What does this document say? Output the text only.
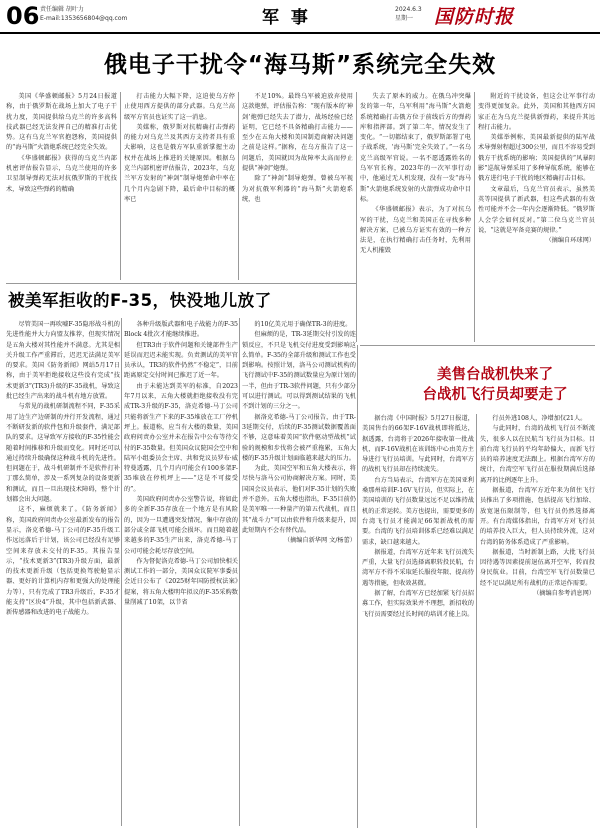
06 责任编辑 胡叶力
E-mail:1353656804@qq.com	军 事	2024.6.3
星期一	国防时报
俄电子干扰令“海马斯”系统完全失效

美国《华盛顿邮报》5月24日报道称，由于俄罗斯在战场上加大了电子干扰力度，美国提供给乌克兰的许多高科技武器已经无法发挥自己的精准打击优势。这有乌克兰军官抱怨称，美国提供的“海马斯”火箭炮系统已经完全失效。

《华盛顿邮报》获得的乌克兰内部机密评估报告显示，乌克兰使用的许多卫星制导弹药无法对抗俄罗斯的干扰技术，导致这些弹药的精确

打击能力大幅下降，这迫使乌方停止使用西方提供的部分武器。乌克兰高级军方官员也证实了这一消息。

美媒称，俄罗斯对抗精确打击弹药的能力对乌克兰及其西方支持者具有重大影响，这也是俄方军队重新掌握主动权并在战场上推进的关键原因。根据乌克兰内部机密评估报告，2023年，乌克兰军方发射的“神剑”制导炮弹命中率在几个月内急剧下降，最后命中目标的概率已

不足10%。最终乌军被迫放弃使用这款炮弹，评估报告称：“现有版本的‘神剑’炮弹已经失去了潜力，战场经验已经证明，它已经不具备精确打击能力——至少在五角大楼和美国制造商解决问题之前是这样。”据称，在乌方报告了这一问题后，美国就因为故障率太高而停止提供“神剑”炮弹。

除了“神剑”制导炮弹，曾被乌军视为对抗俄军利器的“海马斯”火箭炮系统，也

失去了原本的威力。在俄乌冲突爆发的第一年，乌军利用“海马斯”火箭炮系统精确打击俄方位于前线后方的弹药库和指挥部。到了第二年，情况发生了变化。“一切都结束了，俄罗斯部署了电子战系统，‘海马斯’完全失效了。”一名乌克兰高级军官说。一名不愿透露姓名的乌军官长称，2023年的一次军事行动中，他通过无人机发现，没有一发“海马斯”火箭炮系统发射的火箭弹成功命中目标。

《华盛顿邮报》表示，为了对抗乌军的干扰，乌克兰和美国正在寻找多种解决方案，已被乌方证实有效的一种方法是，在执行精确打击任务时，先利用无人机摧毁

附近的干扰设备，但这会让军事行动变得更加复杂。此外，美国和其他西方国家正在为乌克兰提供新弹药，来提升其远程打击能力。

美媒举例称，美国最新提供的陆军战术导弹射程超过300公里，而且不容易受到俄方干扰系统的影响；美国提供的“风暴阴影”巡航导弹采用了多种导航系统，能够在俄方进行电子干扰的地区精确打击目标。

文章最后，乌克兰官员表示，虽然美英等国提供了新武器，但这些武器的有效性可能并不会一年内会逐渐降低。“俄罗斯人会学会如何反对。”第二位乌克兰官员说，“这就是军备竞赛的规律。”

（摘编自环球网）

被美军拒收的F-35，快没地儿放了

尽管美国一再吹嘘F-35隐形战斗机的先进性能并大力向盟友推荐，但现实情况是五角大楼对其性能并不满意。尤其是相关升级工作严重滞后，迟迟无法满足美军的要求。美国《防务新闻》网站5月17日称，由于美军拒绝接收这些没有完成“技术更新3”(TR3)升级的F-35战机，导致这批已经生产出来的战斗机有地方放置。

与常见的战机研制流程不同，F-35采用了边生产边研制的并行开发流程，通过不断研发新的软件包和升级套件，满足部队的要求。这导致军方接收的F-35性能会随着时间推移和升级而变化。同时还可以通过持续升级确保这种战斗机的先进性。但问题在于，战斗机研制并不是软件打补丁那么简单，涉及一系列复杂的设备更新和测试，而且一旦出现技术障碍，整个计划都会出大问题。

这不，麻烦就来了。《防务新闻》称，美国政府问责办公室最新发布的报告显示，洛克希德-马丁公司的F-35升级工作远远落后于计划，该公司已经没有足够空间来存放未交付的F-35。其报告显示，“技术更新3”(TR3)升级方面，最新的技术更新升级（包括更换驾驶舱显示器、更好的计算机内存和更强大的处理能力等），只有完成了TR3升级后，F-35才能支持“区块4”升级，其中包括新武器、新传感器和改进的电子战能力。

各种升级版武器和电子战能力的F-35 Block 4批次才能继续推进。

但TR3由于软件问题和关键部件生产延误而迟迟未能实现。负责测试的美军官员承认，TR3的软件仍然“不稳定”，目前距离原定交付时间已推迟了近一年。

由于未能达到美军的标准，自2023年7月以来，五角大楼就拒绝接收没有完成TR-3升级的F-35，洛克希德-马丁公司只能将新生产下来的F-35堆放在工厂停机坪上。报道称，应当有大楼的数量，美国政府问责办公室并未在报告中公布等待交付的F-35数量。但美国众议院国会空中和陆军小组委员会主席、共和党议员罗布·威特曼透露，几个月内可能会有100多架F-35堆放在停机坪上——“这是不可接受的”。

美国政府问责办公室警告说，将如此多的全新F-35存放在一个地方是有风险的，因为一旦遭遇突发情况，集中存放的部分或全部飞机可能会损坏。而且随着越来越多的F-35生产出来，洛克希德-马丁公司可能会耗尽存放空间。

作为督促洛克希德-马丁公司加快相关测试工作的一部分，美国众议院军事委员会近日公布了《2025财年国防授权法案》提案，将五角大楼明年拟议的F-35采购数量削减了10架，以节省

的10亿美元用于确保TR-3的进度。

但麻烦的是，TR-3延期交付引发的连锁反应，不只是飞机交付进度受到影响这么简单。F-35的全部升级和测试工作也受到影响。按照计划，洛马公司测试机构的飞行测试中F-35的测试数量应为原计划的一半，但由于TR-3软件问题，只有少部分可以进行测试。可以得到测试结果的飞机不到计划的三分之一。

据洛克希德-马丁公司报告，由于TR-3延期交付，后续的F-35测试数据覆盖面不够，这意味着美国“软件驱动型战机”试验的规模和步伐将会被严重拖累，五角大楼的F-35升级计划面临越来越大的压力。

为此，美国空军和五角大楼表示，将尽快与洛马公司协商解决方案。同时，美国国会议员表示，他们对F-35计划的失败并不意外。五角大楼也指出，F-35目前仍是美军唯一一种量产的第五代战机，而且其“战斗力”可以由软件和升级来提升，因此短期内不会有替代品。

（摘编自新华网 文/杨蕾）

美售台战机快来了
台战机飞行员却要走了

据台湾《中国时报》5月27日报道，美国售台的66架F-16V战机即将抵达，据透露，台湾将于2026年接收第一批战机，而F-16V战机在该训练中心由美方主导进行飞行员培训。与此同时，台湾军方的战机飞行员却在持续流失。

台方当局表示，台湾军方在美国亚利桑那州培训F-16V飞行员，但实际上，在美国培训的飞行员数量远远不足以维持战机的正常运转。美方也提出，需要更多的台湾飞行员才能满足66架新战机的需要。台湾的飞行员培训体系已经难以满足需求，缺口越来越大。

据报道，台湾军方近年来飞行员流失严重，大量飞行员选择离职转投民航，台湾军方不得不采取延长服役年限、提高待遇等措施，但收效甚微。

据了解，台湾军方已经加紧飞行员招募工作，但实际效果并不理想，新招收的飞行员需要经过长时间的培训才能上岗。

行员外逃108人，净增加仅21人。

与此同时，台湾的战机飞行员不断流失，很多人以在民航当飞行员为目标。目前台湾飞行员的平均年龄偏大，而新飞行员的培养速度无法跟上。根据台湾军方的统计，台湾空军飞行员在服役期满后选择离开的比例逐年上升。

据报道，台湾军方近年来为留住飞行员推出了多项措施，包括提高飞行加给、放宽退伍限制等，但飞行员仍然选择离开。有台湾媒体指出，台湾军方对飞行员的培养投入巨大，但人员持续外流，这对台湾的防务体系造成了严重影响。

据报道，当时新制上路，大批飞行员因待遇等因素提前退伍离开空军，转而投身民航业。目前，台湾空军飞行员数量已经不足以满足所有战机的正常运作需要。

（摘编自参考消息网）
